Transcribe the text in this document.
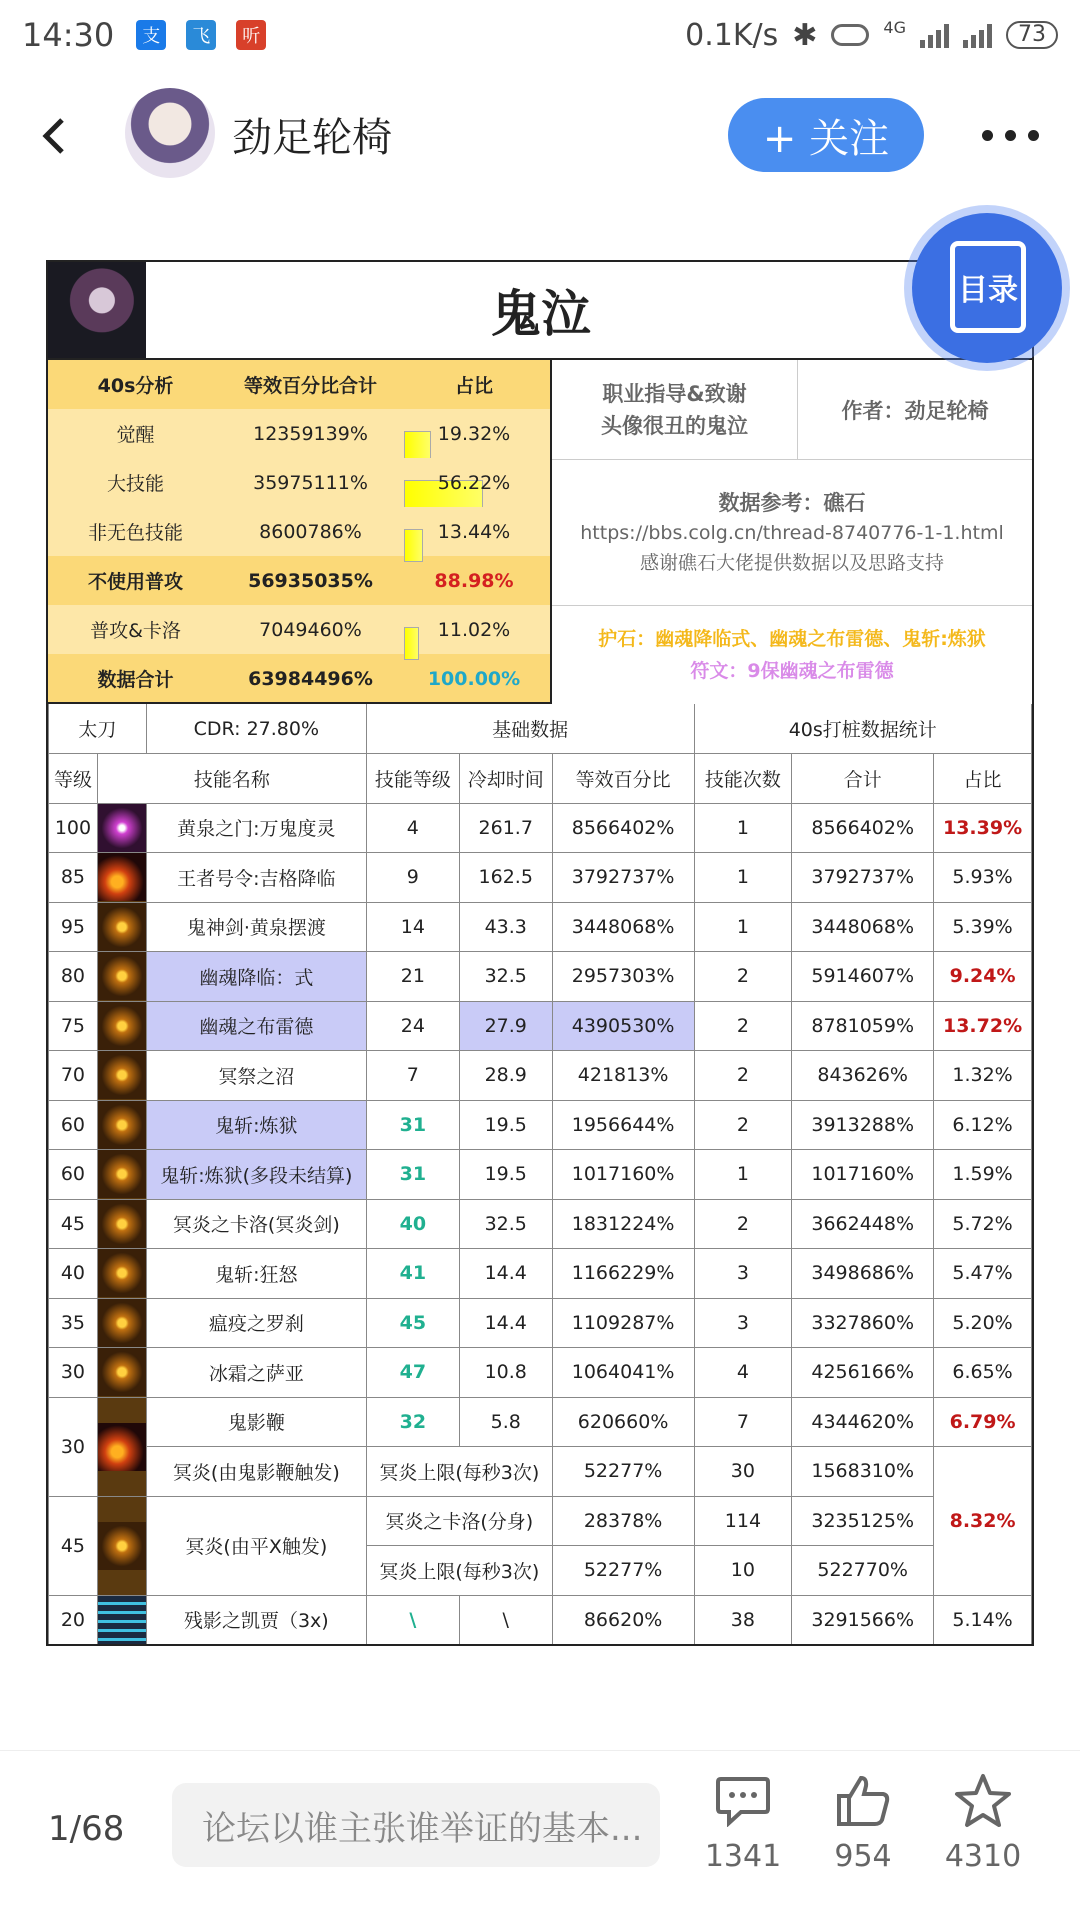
14:30	支	飞	听	0.1K/s ✱	4G	73
劲足轮椅	+ 关注
鬼泣
40s分析	等效百分比合计	占比
觉醒	12359139%	19.32%
大技能	35975111%	56.22%
非无色技能	8600786%	13.44%
不使用普攻	56935035%	88.98%
普攻&卡洛	7049460%	11.02%
数据合计	63984496%	100.00%
职业指导&致谢
头像很丑的鬼泣
作者：劲足轮椅
数据参考：礁石
https://bbs.colg.cn/thread-8740776-1-1.html
感谢礁石大佬提供数据以及思路支持
护石：幽魂降临式、幽魂之布雷德、鬼斩:炼狱
符文：9保幽魂之布雷德
太刀		CDR: 27.80%	基础数据			40s打桩数据统计		
等级	技能名称		技能等级	冷却时间	等效百分比	技能次数	合计	占比
100		黄泉之门:万鬼度灵	4	261.7	8566402%	1	8566402%	13.39%
85		王者号令:吉格降临	9	162.5	3792737%	1	3792737%	5.93%
95		鬼神剑·黄泉摆渡	14	43.3	3448068%	1	3448068%	5.39%
80		幽魂降临：式	21	32.5	2957303%	2	5914607%	9.24%
75		幽魂之布雷德	24	27.9	4390530%	2	8781059%	13.72%
70		冥祭之沼	7	28.9	421813%	2	843626%	1.32%
60		鬼斩:炼狱	31	19.5	1956644%	2	3913288%	6.12%
60		鬼斩:炼狱(多段未结算)	31	19.5	1017160%	1	1017160%	1.59%
45		冥炎之卡洛(冥炎剑)	40	32.5	1831224%	2	3662448%	5.72%
40		鬼斩:狂怒	41	14.4	1166229%	3	3498686%	5.47%
35		瘟疫之罗刹	45	14.4	1109287%	3	3327860%	5.20%
30		冰霜之萨亚	47	10.8	1064041%	4	4256166%	6.65%
30		鬼影鞭	32	5.8	620660%	7	4344620%	6.79%
		冥炎(由鬼影鞭触发)	冥炎上限(每秒3次)		52277%	30	1568310%	8.32%
45		冥炎(由平X触发)	冥炎之卡洛(分身)		28378%	114	3235125%	
			冥炎上限(每秒3次)		52277%	10	522770%	
20		残影之凯贾（3x)	\	\	86620%	38	3291566%	5.14%
目录
1/68	论坛以谁主张谁举证的基本...
1341	954	4310
